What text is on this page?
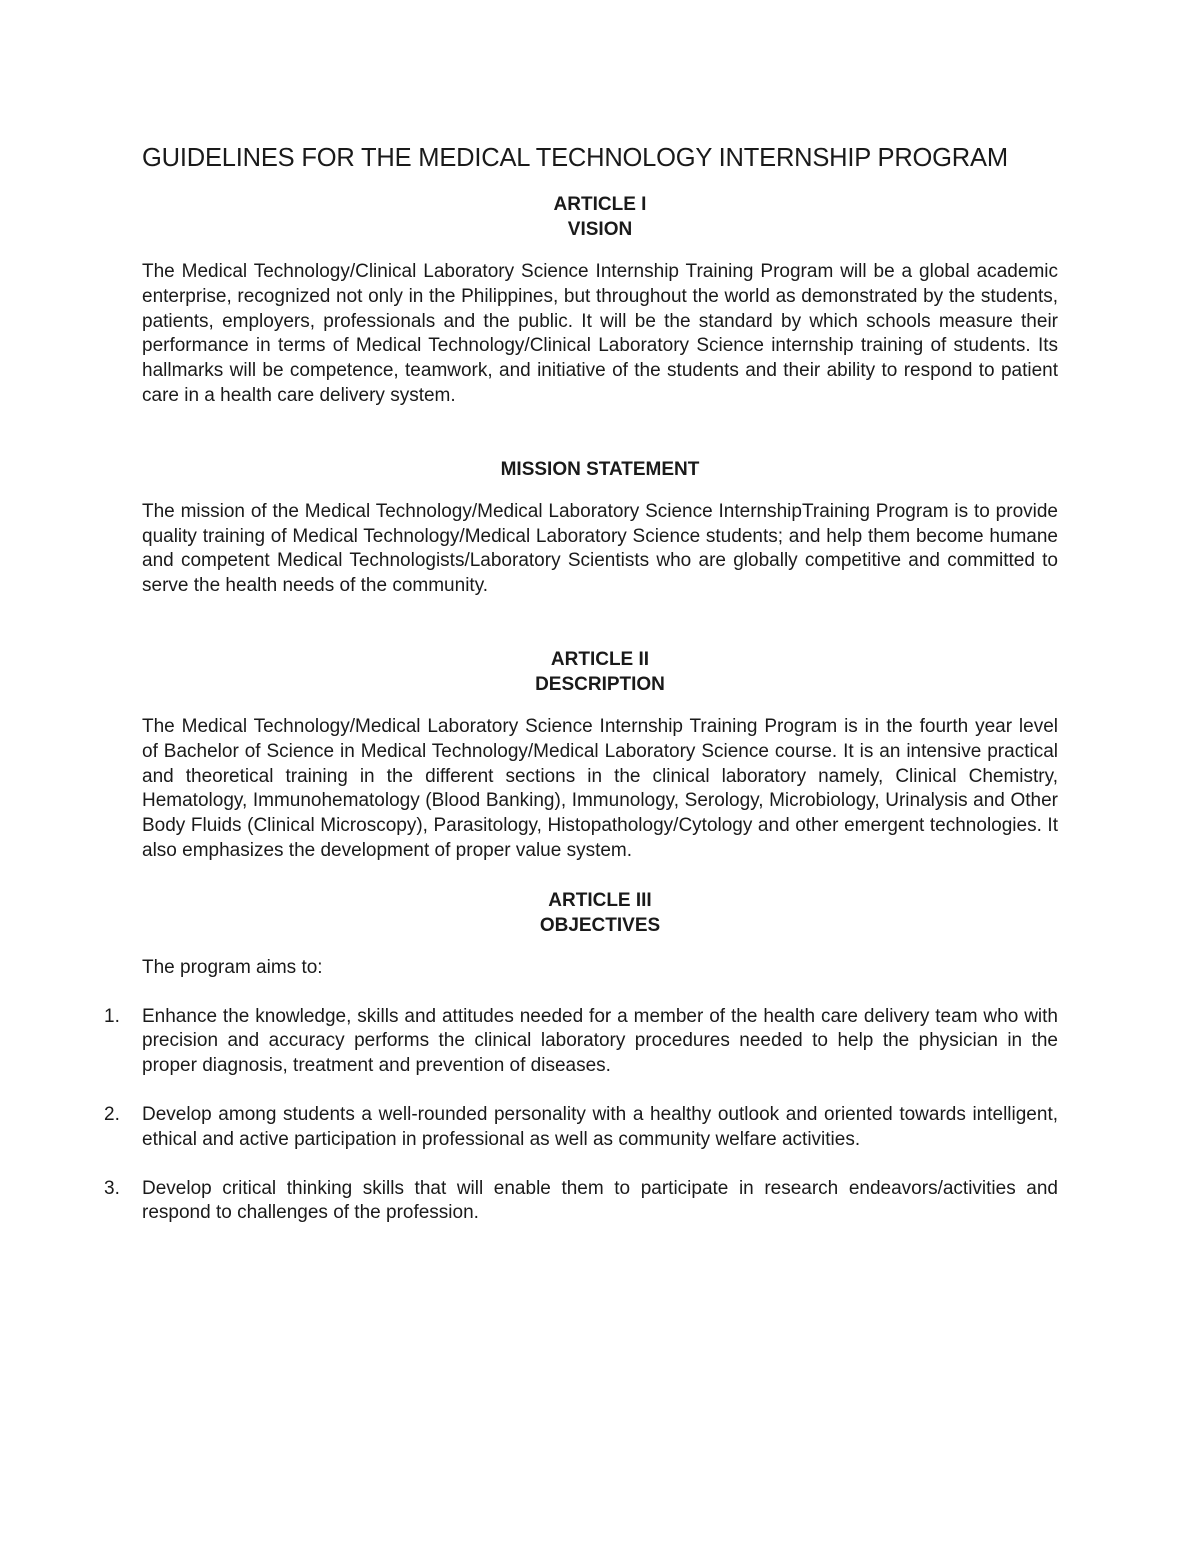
GUIDELINES FOR THE MEDICAL TECHNOLOGY INTERNSHIP PROGRAM

ARTICLE I

VISION

The Medical Technology/Clinical Laboratory Science Internship Training Program will be a global academic enterprise, recognized not only in the Philippines, but throughout the world as demonstrated by the students, patients, employers, professionals and the public. It will be the standard by which schools measure their performance in terms of Medical Technology/Clinical Laboratory Science internship training of students. Its hallmarks will be competence, teamwork, and initiative of the students and their ability to respond to patient care in a health care delivery system.

MISSION STATEMENT

The mission of the Medical Technology/Medical Laboratory Science InternshipTraining Program is to provide quality training of Medical Technology/Medical Laboratory Science students; and help them become humane and competent Medical Technologists/Laboratory Scientists who are globally competitive and committed to serve the health needs of the community.

ARTICLE II

DESCRIPTION

The Medical Technology/Medical Laboratory Science Internship Training Program is in the fourth year level of Bachelor of Science in Medical Technology/Medical Laboratory Science course. It is an intensive practical and theoretical training in the different sections in the clinical laboratory namely, Clinical Chemistry, Hematology, Immunohematology (Blood Banking), Immunology, Serology, Microbiology, Urinalysis and Other Body Fluids (Clinical Microscopy), Parasitology, Histopathology/Cytology and other emergent technologies. It also emphasizes the development of proper value system.

ARTICLE III

OBJECTIVES

The program aims to:

1.	Enhance the knowledge, skills and attitudes needed for a member of the health care delivery team who with precision and accuracy performs the clinical laboratory procedures needed to help the physician in the proper diagnosis, treatment and prevention of diseases.
2.	Develop among students a well-rounded personality with a healthy outlook and oriented towards intelligent, ethical and active participation in professional as well as community welfare activities.
3.	Develop critical thinking skills that will enable them to participate in research endeavors/activities and respond to challenges of the profession.
